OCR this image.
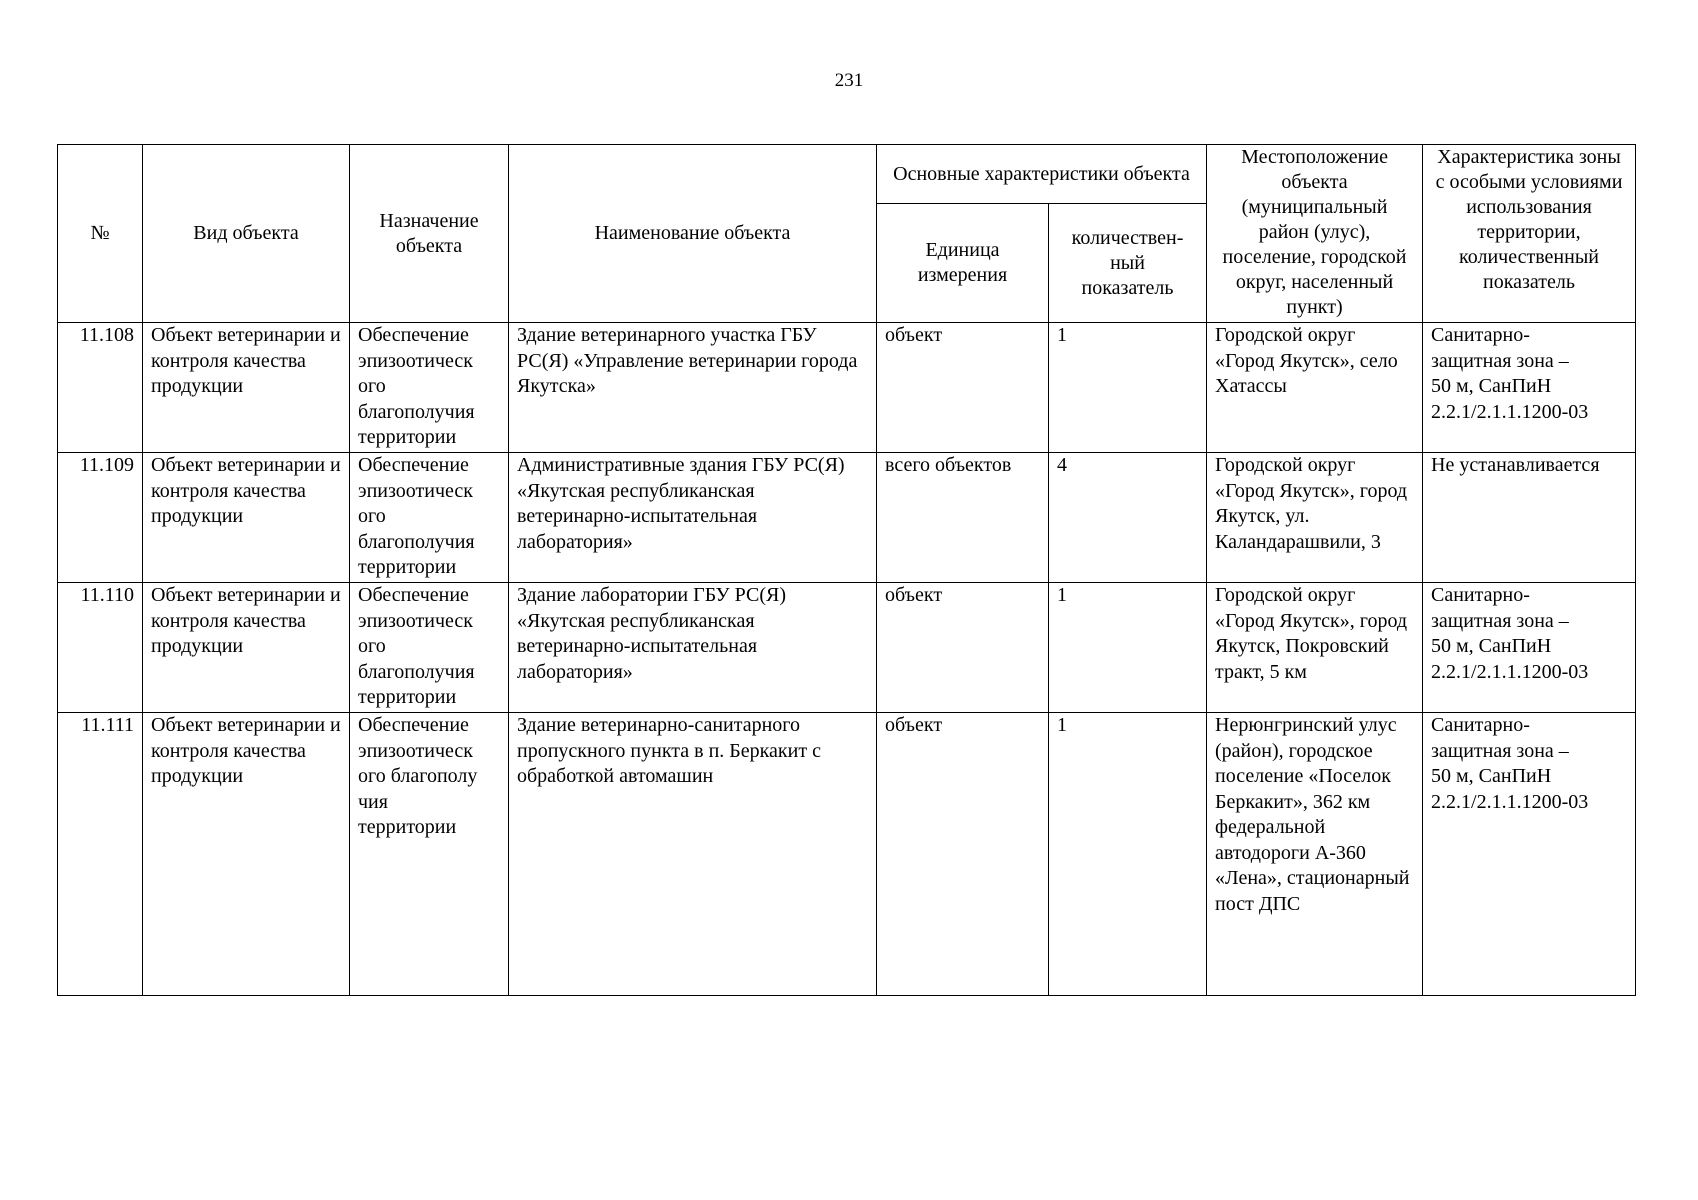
231
№	Вид объекта	Назначение объекта	Наименование объекта	Основные характеристики объекта		Местоположение объекта (муниципальный район (улус), поселение, городской округ, населенный пункт)	Характеристика зоны с особыми условиями использования территории, количественный показатель
				Единица измерения	количествен-
ный
показатель		
11.108	Объект ветеринарии и контроля качества продукции	Обеспечение
эпизоотическ
ого
благополучия
территории	Здание ветеринарного участка ГБУ РС(Я) «Управление ветеринарии города Якутска»	объект	1	Городской округ «Город Якутск», село Хатассы	Санитарно-
защитная зона –
50 м, СанПиН
2.2.1/2.1.1.1200-03
11.109	Объект ветеринарии и контроля качества продукции	Обеспечение
эпизоотическ
ого
благополучия
территории	Административные здания ГБУ РС(Я) «Якутская республиканская ветеринарно-испытательная лаборатория»	всего объектов	4	Городской округ «Город Якутск», город Якутск, ул. Каландарашвили, 3	Не устанавливается
11.110	Объект ветеринарии и контроля качества продукции	Обеспечение
эпизоотическ
ого
благополучия
территории	Здание лаборатории ГБУ РС(Я) «Якутская республиканская ветеринарно-испытательная лаборатория»	объект	1	Городской округ «Город Якутск», город Якутск, Покровский тракт, 5 км	Санитарно-
защитная зона –
50 м, СанПиН
2.2.1/2.1.1.1200-03
11.111	Объект ветеринарии и контроля качества продукции	Обеспечение
эпизоотическ
ого благополу
чия
территории	Здание ветеринарно-санитарного пропускного пункта в п. Беркакит с обработкой автомашин	объект	1	Нерюнгринский улус (район), городское поселение «Поселок Беркакит», 362 км федеральной автодороги А-360 «Лена», стационарный пост ДПС	Санитарно-
защитная зона –
50 м, СанПиН
2.2.1/2.1.1.1200-03
